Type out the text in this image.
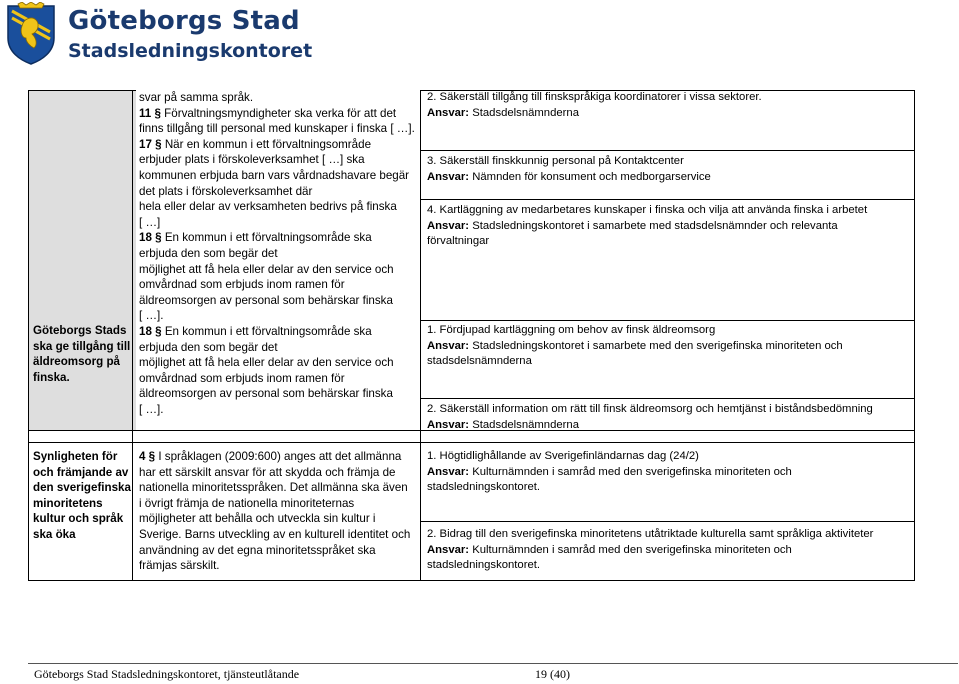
Göteborgs Stad
Stadsledningskontoret
Göteborgs Stads
ska ge tillgång till
äldreomsorg på
finska.
svar på samma språk.
11 § Förvaltningsmyndigheter ska verka för att det
finns tillgång till personal med kunskaper i finska [ …].
17 § När en kommun i ett förvaltningsområde
erbjuder plats i förskoleverksamhet [ …] ska
kommunen erbjuda barn vars vårdnadshavare begär
det plats i förskoleverksamhet där
hela eller delar av verksamheten bedrivs på finska
[ …]
18 § En kommun i ett förvaltningsområde ska
erbjuda den som begär det
möjlighet att få hela eller delar av den service och
omvårdnad som erbjuds inom ramen för
äldreomsorgen av personal som behärskar finska
[ …].
18 § En kommun i ett förvaltningsområde ska
erbjuda den som begär det
möjlighet att få hela eller delar av den service och
omvårdnad som erbjuds inom ramen för
äldreomsorgen av personal som behärskar finska
[ …].
2. Säkerställ tillgång till finskspråkiga koordinatorer i vissa sektorer.
Ansvar: Stadsdelsnämnderna
3. Säkerställ finskkunnig personal på Kontaktcenter
Ansvar: Nämnden för konsument och medborgarservice
4. Kartläggning av medarbetares kunskaper i finska och vilja att använda finska i arbetet
Ansvar: Stadsledningskontoret i samarbete med stadsdelsnämnder och relevanta
förvaltningar
1. Fördjupad kartläggning om behov av finsk äldreomsorg
Ansvar: Stadsledningskontoret i samarbete med den sverigefinska minoriteten och
stadsdelsnämnderna
2. Säkerställ information om rätt till finsk äldreomsorg och hemtjänst i biståndsbedömning
Ansvar: Stadsdelsnämnderna
Synligheten för
och främjande av
den sverigefinska
minoritetens
kultur och språk
ska öka
4 § I språklagen (2009:600) anges att det allmänna
har ett särskilt ansvar för att skydda och främja de
nationella minoritetsspråken. Det allmänna ska även
i övrigt främja de nationella minoriteternas
möjligheter att behålla och utveckla sin kultur i
Sverige. Barns utveckling av en kulturell identitet och
användning av det egna minoritetsspråket ska
främjas särskilt.
1. Högtidlighållande av Sverigefinländarnas dag (24/2)
Ansvar: Kulturnämnden i samråd med den sverigefinska minoriteten och
stadsledningskontoret.
2. Bidrag till den sverigefinska minoritetens utåtriktade kulturella samt språkliga aktiviteter
Ansvar: Kulturnämnden i samråd med den sverigefinska minoriteten och
stadsledningskontoret.
Göteborgs Stad Stadsledningskontoret, tjänsteutlåtande	19 (40)
